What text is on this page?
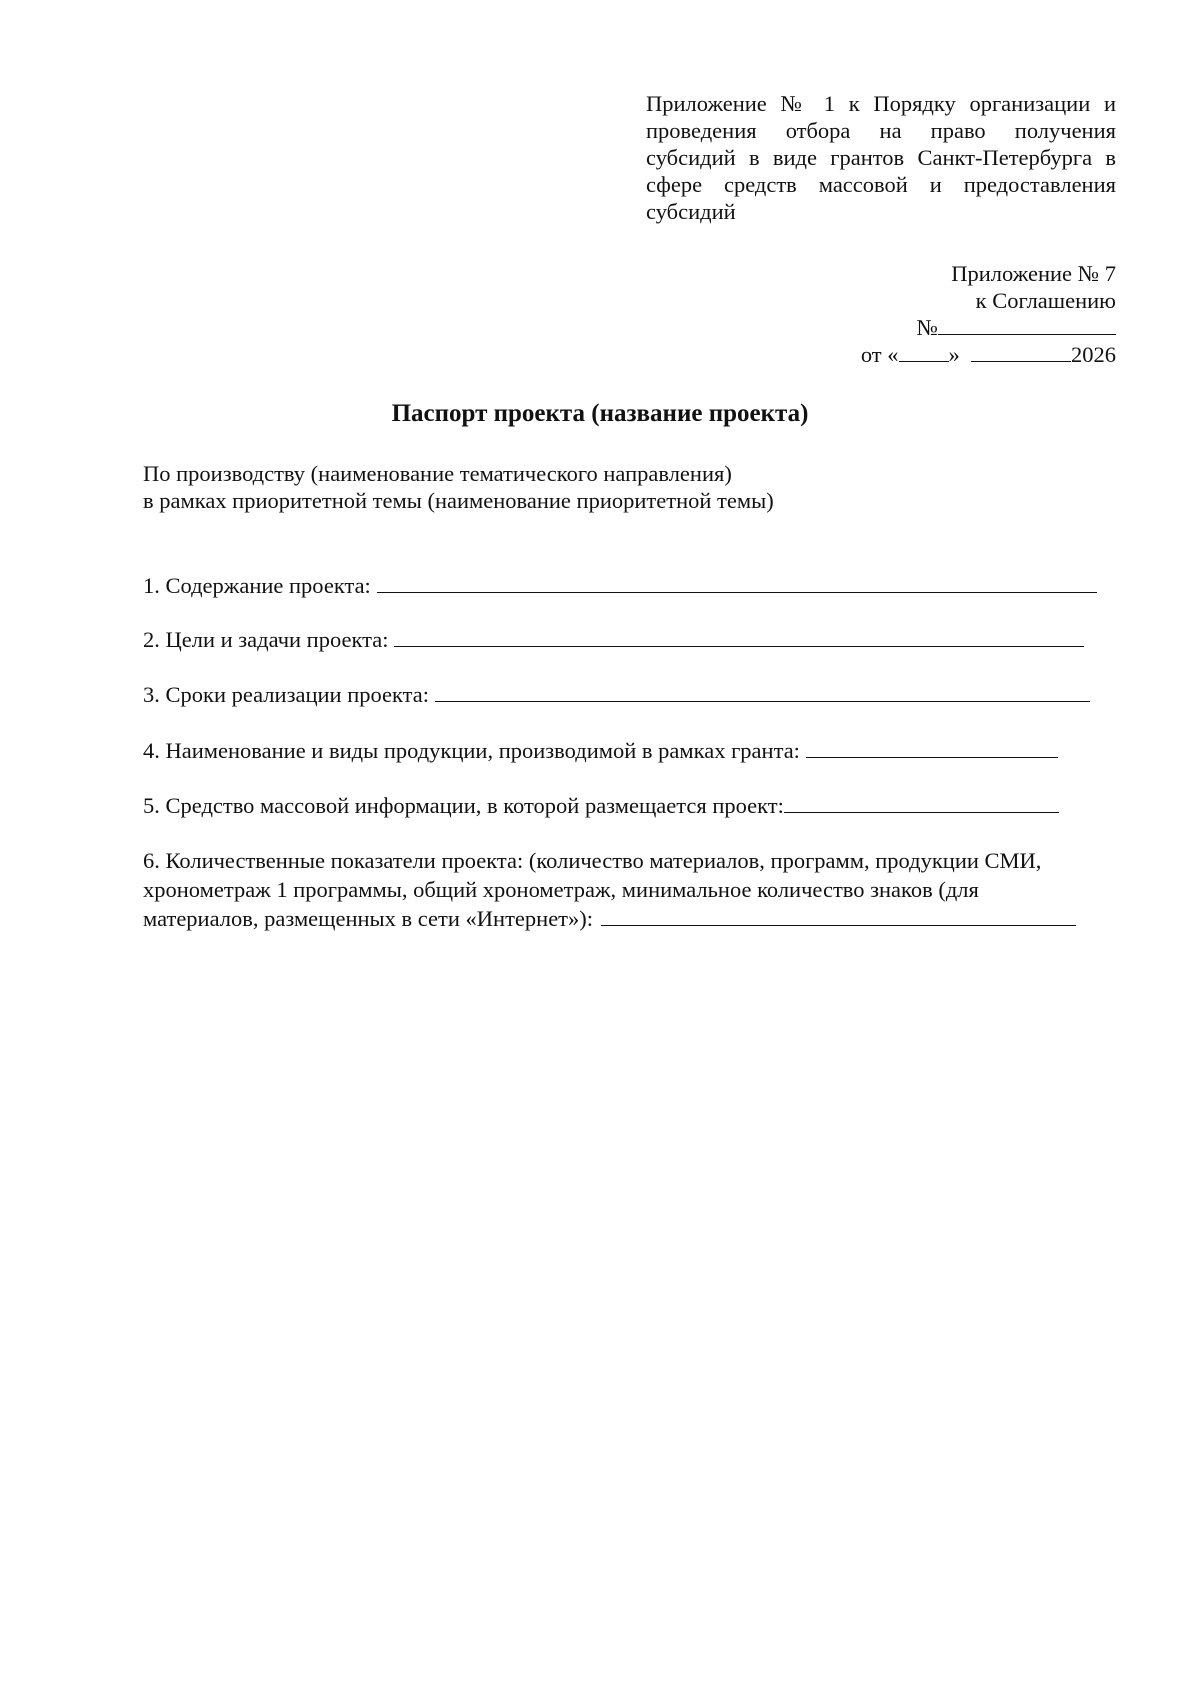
Приложение № 1 к Порядку организации и проведения отбора на право получения субсидий в виде грантов Санкт-Петербурга в сфере средств массовой и предоставления субсидий
Приложение № 7
к Соглашению
№
от « »	2026
Паспорт проекта (название проекта)
По производству (наименование тематического направления)
в рамках приоритетной темы (наименование приоритетной темы)
1. Содержание проекта:
2. Цели и задачи проекта:
3. Сроки реализации проекта:
4. Наименование и виды продукции, производимой в рамках гранта:
5. Средство массовой информации, в которой размещается проект:
6. Количественные показатели проекта: (количество материалов, программ, продукции СМИ,
хронометраж 1 программы, общий хронометраж, минимальное количество знаков (для
материалов, размещенных в сети «Интернет»):
